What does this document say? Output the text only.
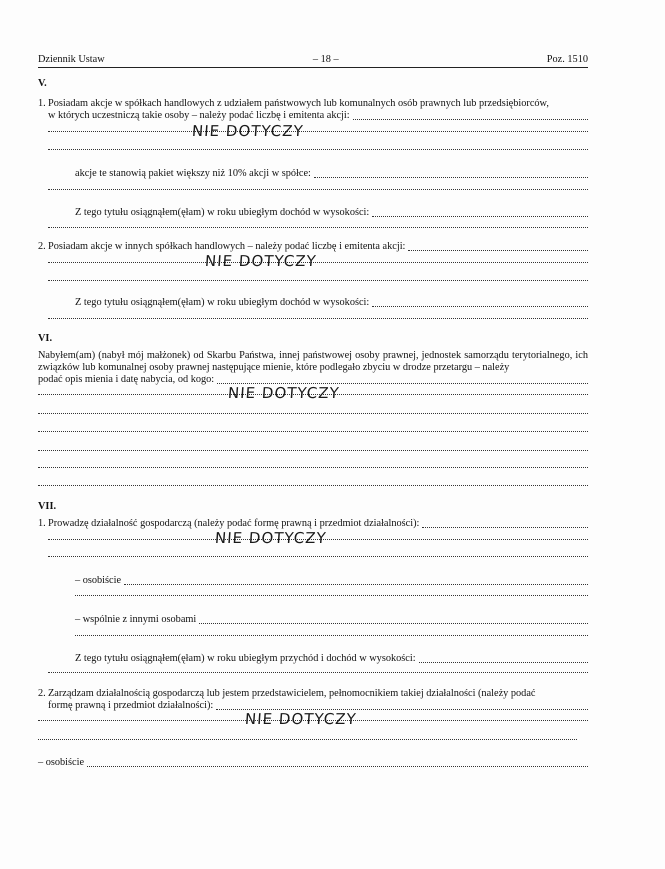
Dziennik Ustaw	– 18 –	Poz. 1510
V.
1. Posiadam akcje w spółkach handlowych z udziałem państwowych lub komunalnych osób prawnych lub przedsiębiorców,
w których uczestniczą takie osoby – należy podać liczbę i emitenta akcji:
NIE DOTYCZY
akcje te stanowią pakiet większy niż 10% akcji w spółce:
Z tego tytułu osiągnąłem(ęłam) w roku ubiegłym dochód w wysokości:
2. Posiadam akcje w innych spółkach handlowych – należy podać liczbę i emitenta akcji:
NIE DOTYCZY
Z tego tytułu osiągnąłem(ęłam) w roku ubiegłym dochód w wysokości:
VI.
Nabyłem(am) (nabył mój małżonek) od Skarbu Państwa, innej państwowej osoby prawnej, jednostek samorządu terytorialnego, ich związków lub komunalnej osoby prawnej następujące mienie, które podlegało zbyciu w drodze przetargu – należy
podać opis mienia i datę nabycia, od kogo:
NIE DOTYCZY
VII.
1. Prowadzę działalność gospodarczą (należy podać formę prawną i przedmiot działalności):
NIE DOTYCZY
– osobiście
– wspólnie z innymi osobami
Z tego tytułu osiągnąłem(ęłam) w roku ubiegłym przychód i dochód w wysokości:
2. Zarządzam działalnością gospodarczą lub jestem przedstawicielem, pełnomocnikiem takiej działalności (należy podać
formę prawną i przedmiot działalności):
NIE DOTYCZY
– osobiście
